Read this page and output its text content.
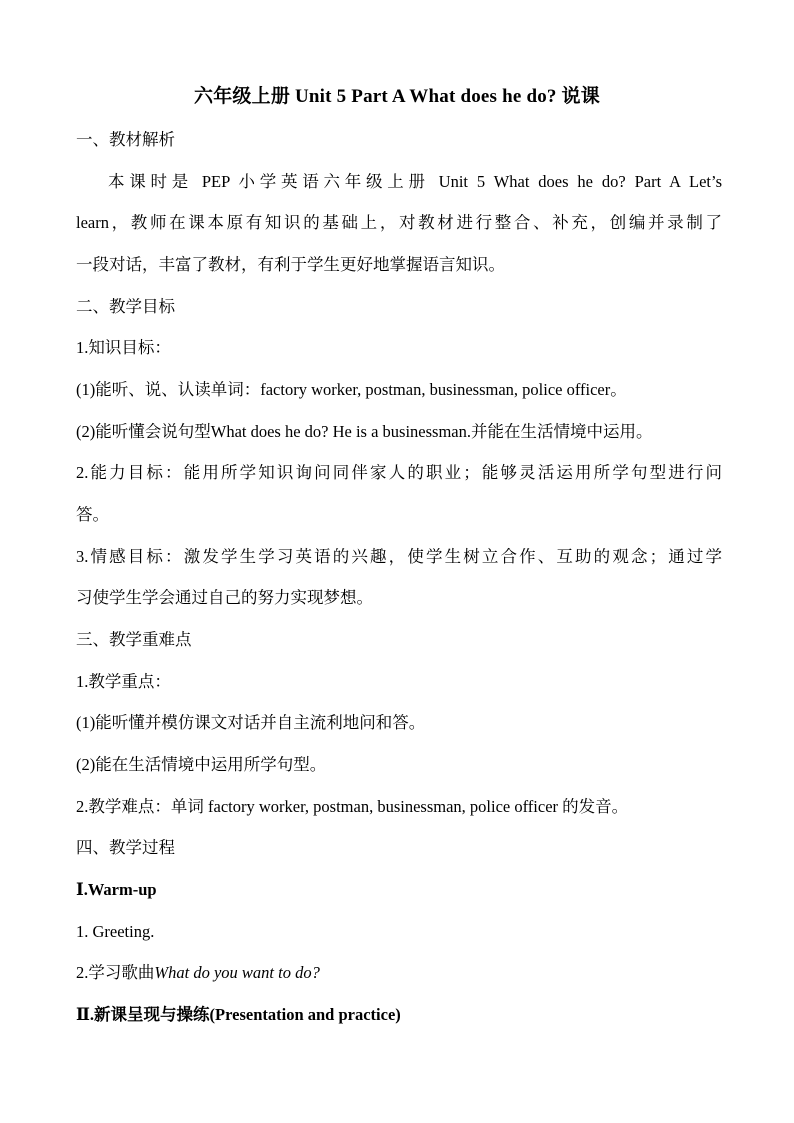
六年级上册 Unit 5 Part A What does he do? 说课
一、教材解析
本课时是 PEP 小学英语六年级上册 Unit 5 What does he do? Part A Let’s
learn，教师在课本原有知识的基础上，对教材进行整合、补充，创编并录制了
一段对话，丰富了教材，有利于学生更好地掌握语言知识。
二、教学目标
1.知识目标：
(1)能听、说、认读单词：factory worker, postman, businessman, police officer。
(2)能听懂会说句型What does he do? He is a businessman.并能在生活情境中运用。
2.能力目标：能用所学知识询问同伴家人的职业；能够灵活运用所学句型进行问
答。
3.情感目标：激发学生学习英语的兴趣，使学生树立合作、互助的观念；通过学
习使学生学会通过自己的努力实现梦想。
三、教学重难点
1.教学重点：
(1)能听懂并模仿课文对话并自主流利地问和答。
(2)能在生活情境中运用所学句型。
2.教学难点：单词 factory worker, postman, businessman, police officer 的发音。
四、教学过程
Ⅰ.Warm-up
1. Greeting.
2.学习歌曲What do you want to do?
Ⅱ.新课呈现与操练(Presentation and practice)
